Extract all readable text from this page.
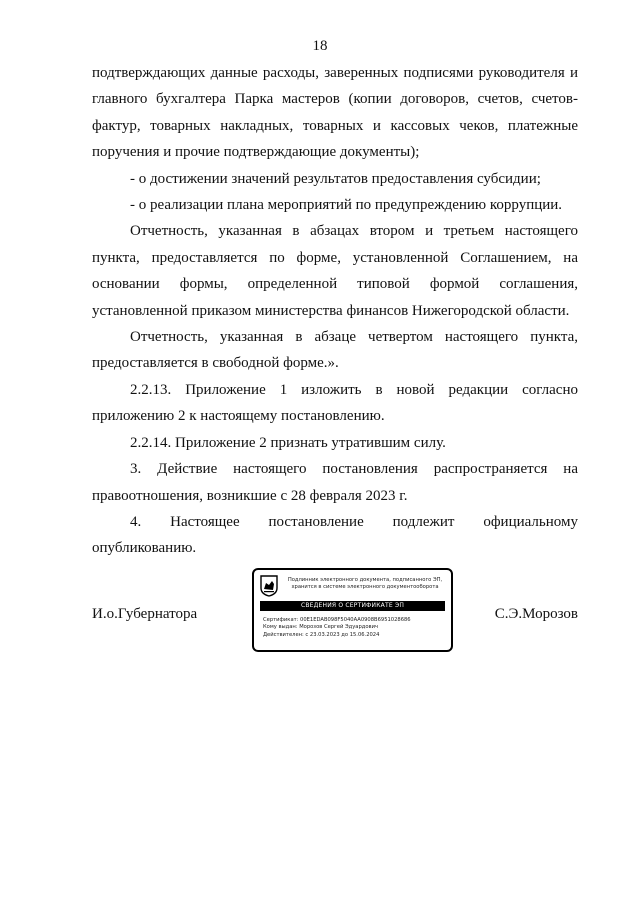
18

подтверждающих данные расходы, заверенных подписями руководителя и главного бухгалтера Парка мастеров (копии договоров, счетов, счетов-фактур, товарных накладных, товарных и кассовых чеков, платежные поручения и прочие подтверждающие документы);

- о достижении значений результатов предоставления субсидии;

- о реализации плана мероприятий по предупреждению коррупции.

Отчетность, указанная в абзацах втором и третьем настоящего пункта, предоставляется по форме, установленной Соглашением, на основании формы, определенной типовой формой соглашения, установленной приказом министерства финансов Нижегородской области.

Отчетность, указанная в абзаце четвертом настоящего пункта, предоставляется в свободной форме.».

2.2.13. Приложение 1 изложить в новой редакции согласно приложению 2 к настоящему постановлению.

2.2.14. Приложение 2 признать утратившим силу.

3. Действие настоящего постановления распространяется на правоотношения, возникшие с 28 февраля 2023 г.

4. Настоящее постановление подлежит официальному опубликованию.

И.о.Губернатора	С.Э.Морозов
Подлинник электронного документа, подписанного ЭП, хранится в системе электронного документооборота
СВЕДЕНИЯ О СЕРТИФИКАТЕ ЭП
Сертификат: 00E1EDAB098F5040AA0908B6951028686
Кому выдан: Морозов Сергей Эдуардович
Действителен: с 23.03.2023 до 15.06.2024
